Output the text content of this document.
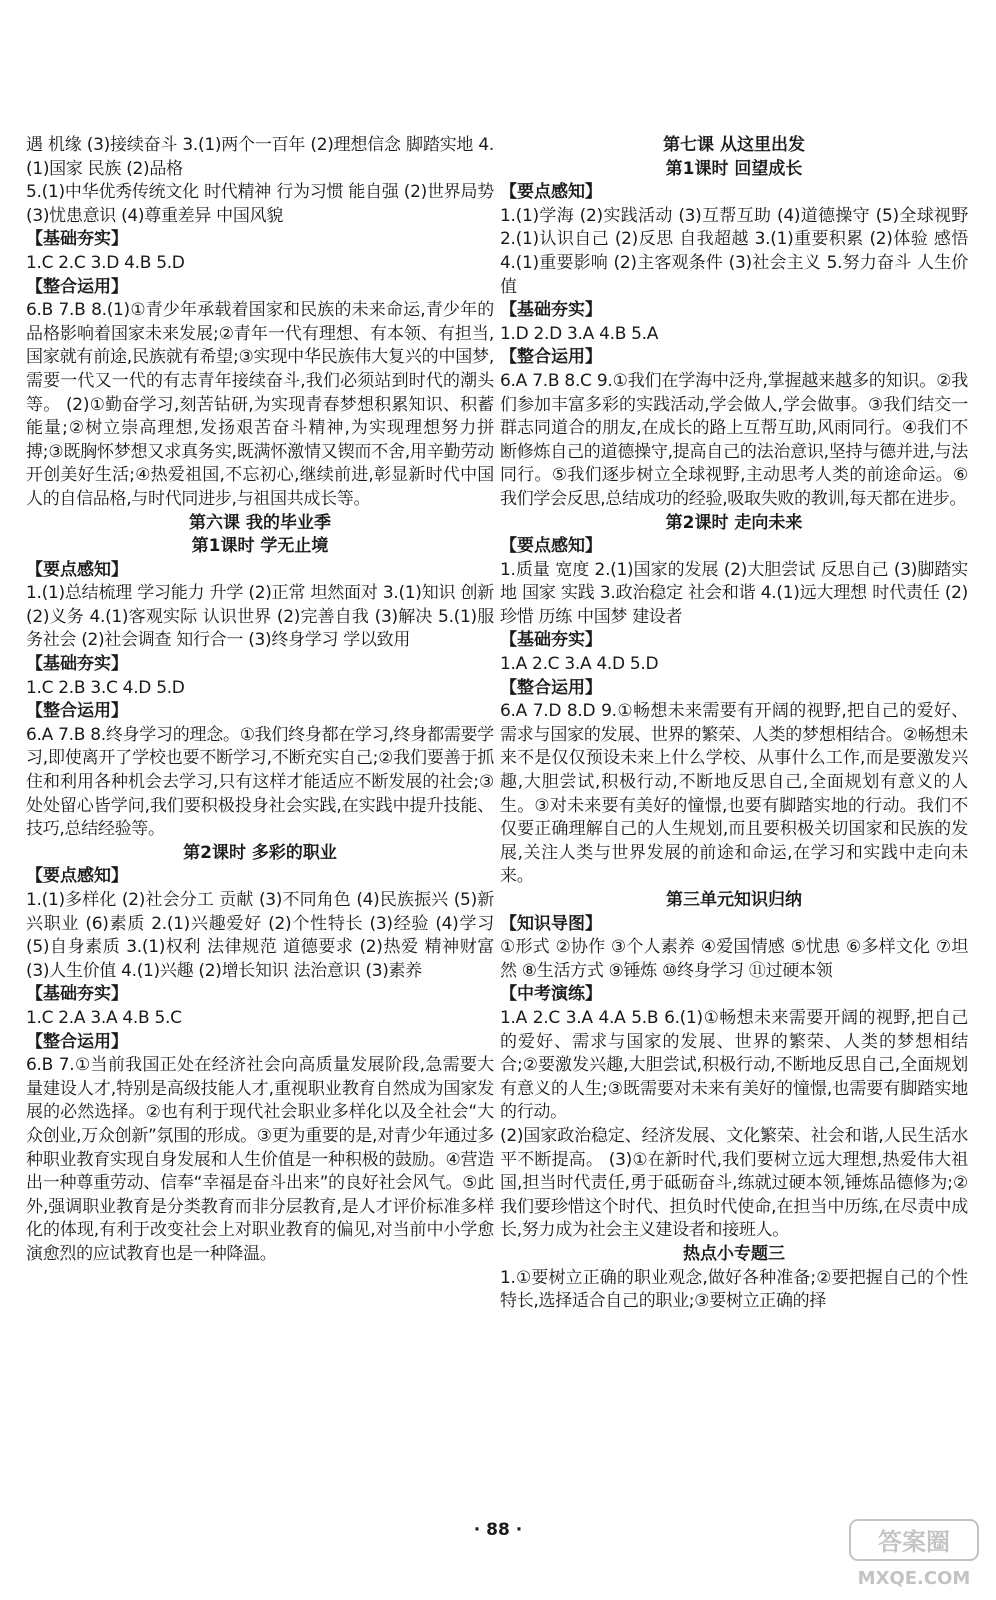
遇 机缘 (3)接续奋斗 3.(1)两个一百年 (2)理想信念 脚踏实地 4.(1)国家 民族 (2)品格

5.(1)中华优秀传统文化 时代精神 行为习惯 能自强 (2)世界局势 (3)忧患意识 (4)尊重差异 中国风貌

【基础夯实】

1.C 2.C 3.D 4.B 5.D

【整合运用】

6.B 7.B 8.(1)①青少年承载着国家和民族的未来命运,青少年的品格影响着国家未来发展;②青年一代有理想、有本领、有担当,国家就有前途,民族就有希望;③实现中华民族伟大复兴的中国梦,需要一代又一代的有志青年接续奋斗,我们必须站到时代的潮头等。 (2)①勤奋学习,刻苦钻研,为实现青春梦想积累知识、积蓄能量;②树立崇高理想,发扬艰苦奋斗精神,为实现理想努力拼搏;③既胸怀梦想又求真务实,既满怀激情又锲而不舍,用辛勤劳动开创美好生活;④热爱祖国,不忘初心,继续前进,彰显新时代中国人的自信品格,与时代同进步,与祖国共成长等。

第六课 我的毕业季

第1课时 学无止境

【要点感知】

1.(1)总结梳理 学习能力 升学 (2)正常 坦然面对 3.(1)知识 创新 (2)义务 4.(1)客观实际 认识世界 (2)完善自我 (3)解决 5.(1)服务社会 (2)社会调查 知行合一 (3)终身学习 学以致用

【基础夯实】

1.C 2.B 3.C 4.D 5.D

【整合运用】

6.A 7.B 8.终身学习的理念。①我们终身都在学习,终身都需要学习,即使离开了学校也要不断学习,不断充实自己;②我们要善于抓住和利用各种机会去学习,只有这样才能适应不断发展的社会;③处处留心皆学问,我们要积极投身社会实践,在实践中提升技能、技巧,总结经验等。

第2课时 多彩的职业

【要点感知】

1.(1)多样化 (2)社会分工 贡献 (3)不同角色 (4)民族振兴 (5)新兴职业 (6)素质 2.(1)兴趣爱好 (2)个性特长 (3)经验 (4)学习 (5)自身素质 3.(1)权利 法律规范 道德要求 (2)热爱 精神财富 (3)人生价值 4.(1)兴趣 (2)增长知识 法治意识 (3)素养

【基础夯实】

1.C 2.A 3.A 4.B 5.C

【整合运用】

6.B 7.①当前我国正处在经济社会向高质量发展阶段,急需要大量建设人才,特别是高级技能人才,重视职业教育自然成为国家发展的必然选择。②也有利于现代社会职业多样化以及全社会“大众创业,万众创新”氛围的形成。③更为重要的是,对青少年通过多种职业教育实现自身发展和人生价值是一种积极的鼓励。④营造出一种尊重劳动、信奉“幸福是奋斗出来”的良好社会风气。⑤此外,强调职业教育是分类教育而非分层教育,是人才评价标准多样化的体现,有利于改变社会上对职业教育的偏见,对当前中小学愈演愈烈的应试教育也是一种降温。

第七课 从这里出发

第1课时 回望成长

【要点感知】

1.(1)学海 (2)实践活动 (3)互帮互助 (4)道德操守 (5)全球视野 2.(1)认识自己 (2)反思 自我超越 3.(1)重要积累 (2)体验 感悟 4.(1)重要影响 (2)主客观条件 (3)社会主义 5.努力奋斗 人生价值

【基础夯实】

1.D 2.D 3.A 4.B 5.A

【整合运用】

6.A 7.B 8.C 9.①我们在学海中泛舟,掌握越来越多的知识。②我们参加丰富多彩的实践活动,学会做人,学会做事。③我们结交一群志同道合的朋友,在成长的路上互帮互助,风雨同行。④我们不断修炼自己的道德操守,提高自己的法治意识,坚持与德并进,与法同行。⑤我们逐步树立全球视野,主动思考人类的前途命运。⑥我们学会反思,总结成功的经验,吸取失败的教训,每天都在进步。

第2课时 走向未来

【要点感知】

1.质量 宽度 2.(1)国家的发展 (2)大胆尝试 反思自己 (3)脚踏实地 国家 实践 3.政治稳定 社会和谐 4.(1)远大理想 时代责任 (2)珍惜 历练 中国梦 建设者

【基础夯实】

1.A 2.C 3.A 4.D 5.D

【整合运用】

6.A 7.D 8.D 9.①畅想未来需要有开阔的视野,把自己的爱好、需求与国家的发展、世界的繁荣、人类的梦想相结合。②畅想未来不是仅仅预设未来上什么学校、从事什么工作,而是要激发兴趣,大胆尝试,积极行动,不断地反思自己,全面规划有意义的人生。③对未来要有美好的憧憬,也要有脚踏实地的行动。我们不仅要正确理解自己的人生规划,而且要积极关切国家和民族的发展,关注人类与世界发展的前途和命运,在学习和实践中走向未来。

第三单元知识归纳

【知识导图】

①形式 ②协作 ③个人素养 ④爱国情感 ⑤忧患 ⑥多样文化 ⑦坦然 ⑧生活方式 ⑨锤炼 ⑩终身学习 ⑪过硬本领

【中考演练】

1.A 2.C 3.A 4.A 5.B 6.(1)①畅想未来需要开阔的视野,把自己的爱好、需求与国家的发展、世界的繁荣、人类的梦想相结合;②要激发兴趣,大胆尝试,积极行动,不断地反思自己,全面规划有意义的人生;③既需要对未来有美好的憧憬,也需要有脚踏实地的行动。

(2)国家政治稳定、经济发展、文化繁荣、社会和谐,人民生活水平不断提高。 (3)①在新时代,我们要树立远大理想,热爱伟大祖国,担当时代责任,勇于砥砺奋斗,练就过硬本领,锤炼品德修为;②我们要珍惜这个时代、担负时代使命,在担当中历练,在尽责中成长,努力成为社会主义建设者和接班人。

热点小专题三

1.①要树立正确的职业观念,做好各种准备;②要把握自己的个性特长,选择适合自己的职业;③要树立正确的择

· 88 ·	答案圈
MXQE.COM
